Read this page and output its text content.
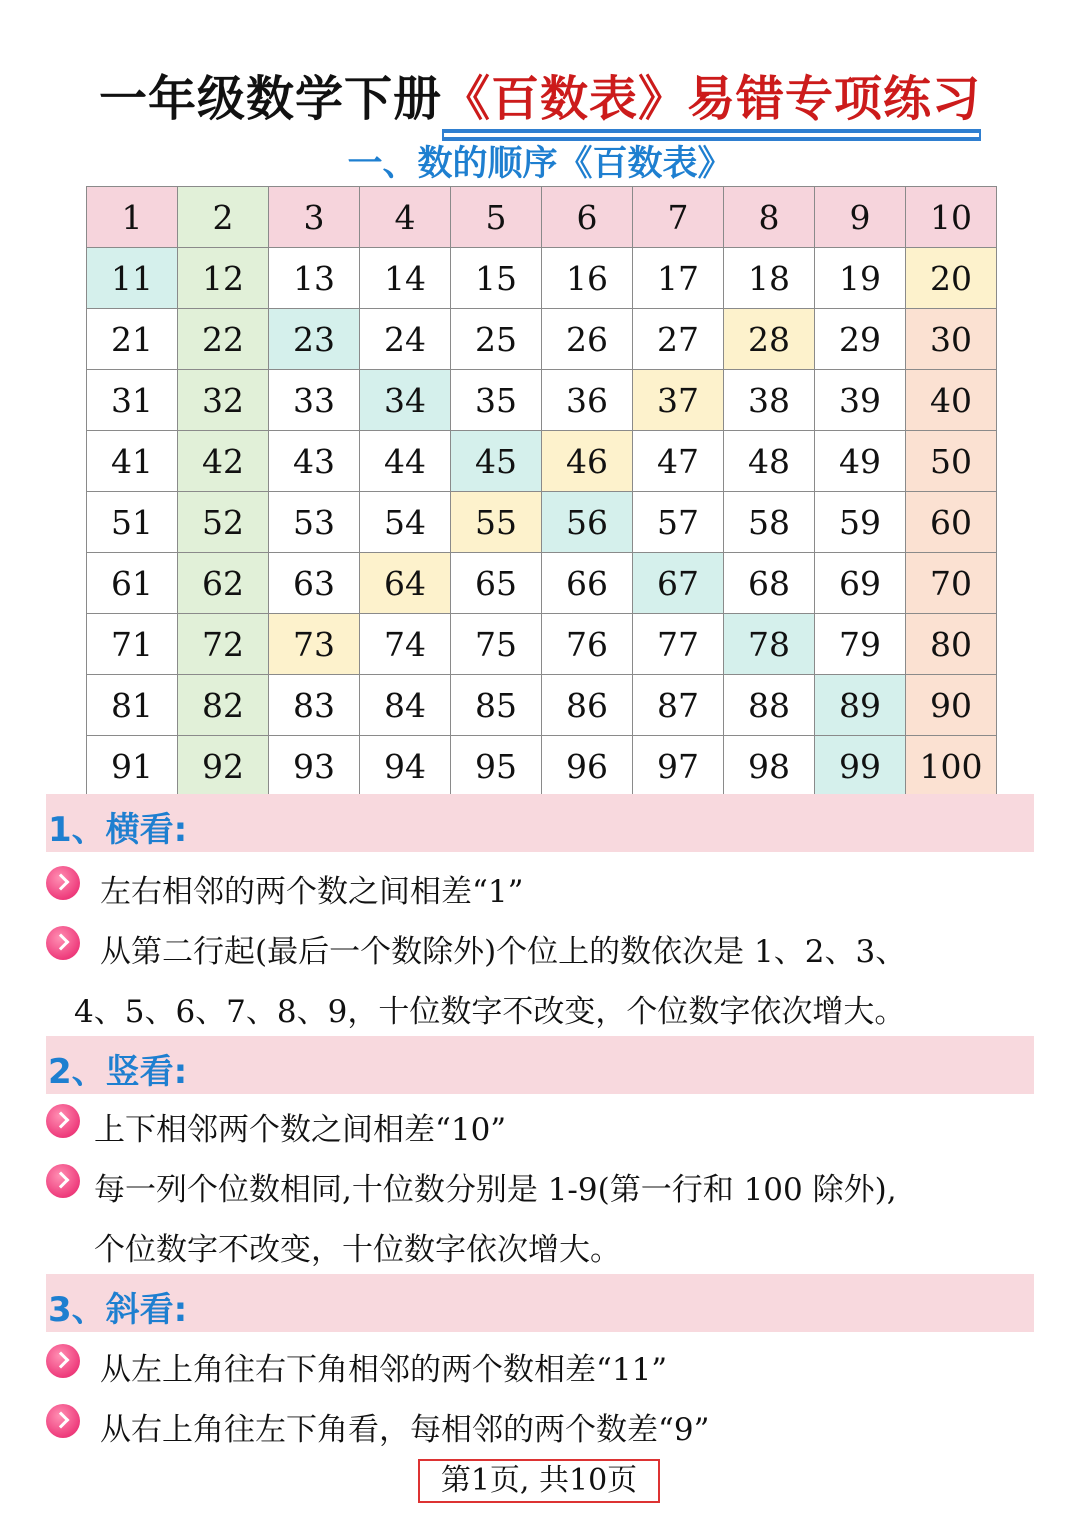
一年级数学下册《百数表》易错专项练习
一、数的顺序《百数表》
1	2	3	4	5	6	7	8	9	10
11	12	13	14	15	16	17	18	19	20
21	22	23	24	25	26	27	28	29	30
31	32	33	34	35	36	37	38	39	40
41	42	43	44	45	46	47	48	49	50
51	52	53	54	55	56	57	58	59	60
61	62	63	64	65	66	67	68	69	70
71	72	73	74	75	76	77	78	79	80
81	82	83	84	85	86	87	88	89	90
91	92	93	94	95	96	97	98	99	100
1、横看:
左右相邻的两个数之间相差“1”
从第二行起(最后一个数除外)个位上的数依次是 1、2、3、
4、5、6、7、8、9，十位数字不改变，个位数字依次增大。
2、竖看:
上下相邻两个数之间相差“10”
每一列个位数相同,十位数分别是 1-9(第一行和 100 除外),
个位数字不改变，十位数字依次增大。
3、斜看:
从左上角往右下角相邻的两个数相差“11”
从右上角往左下角看，每相邻的两个数差“9”
第1页, 共10页
